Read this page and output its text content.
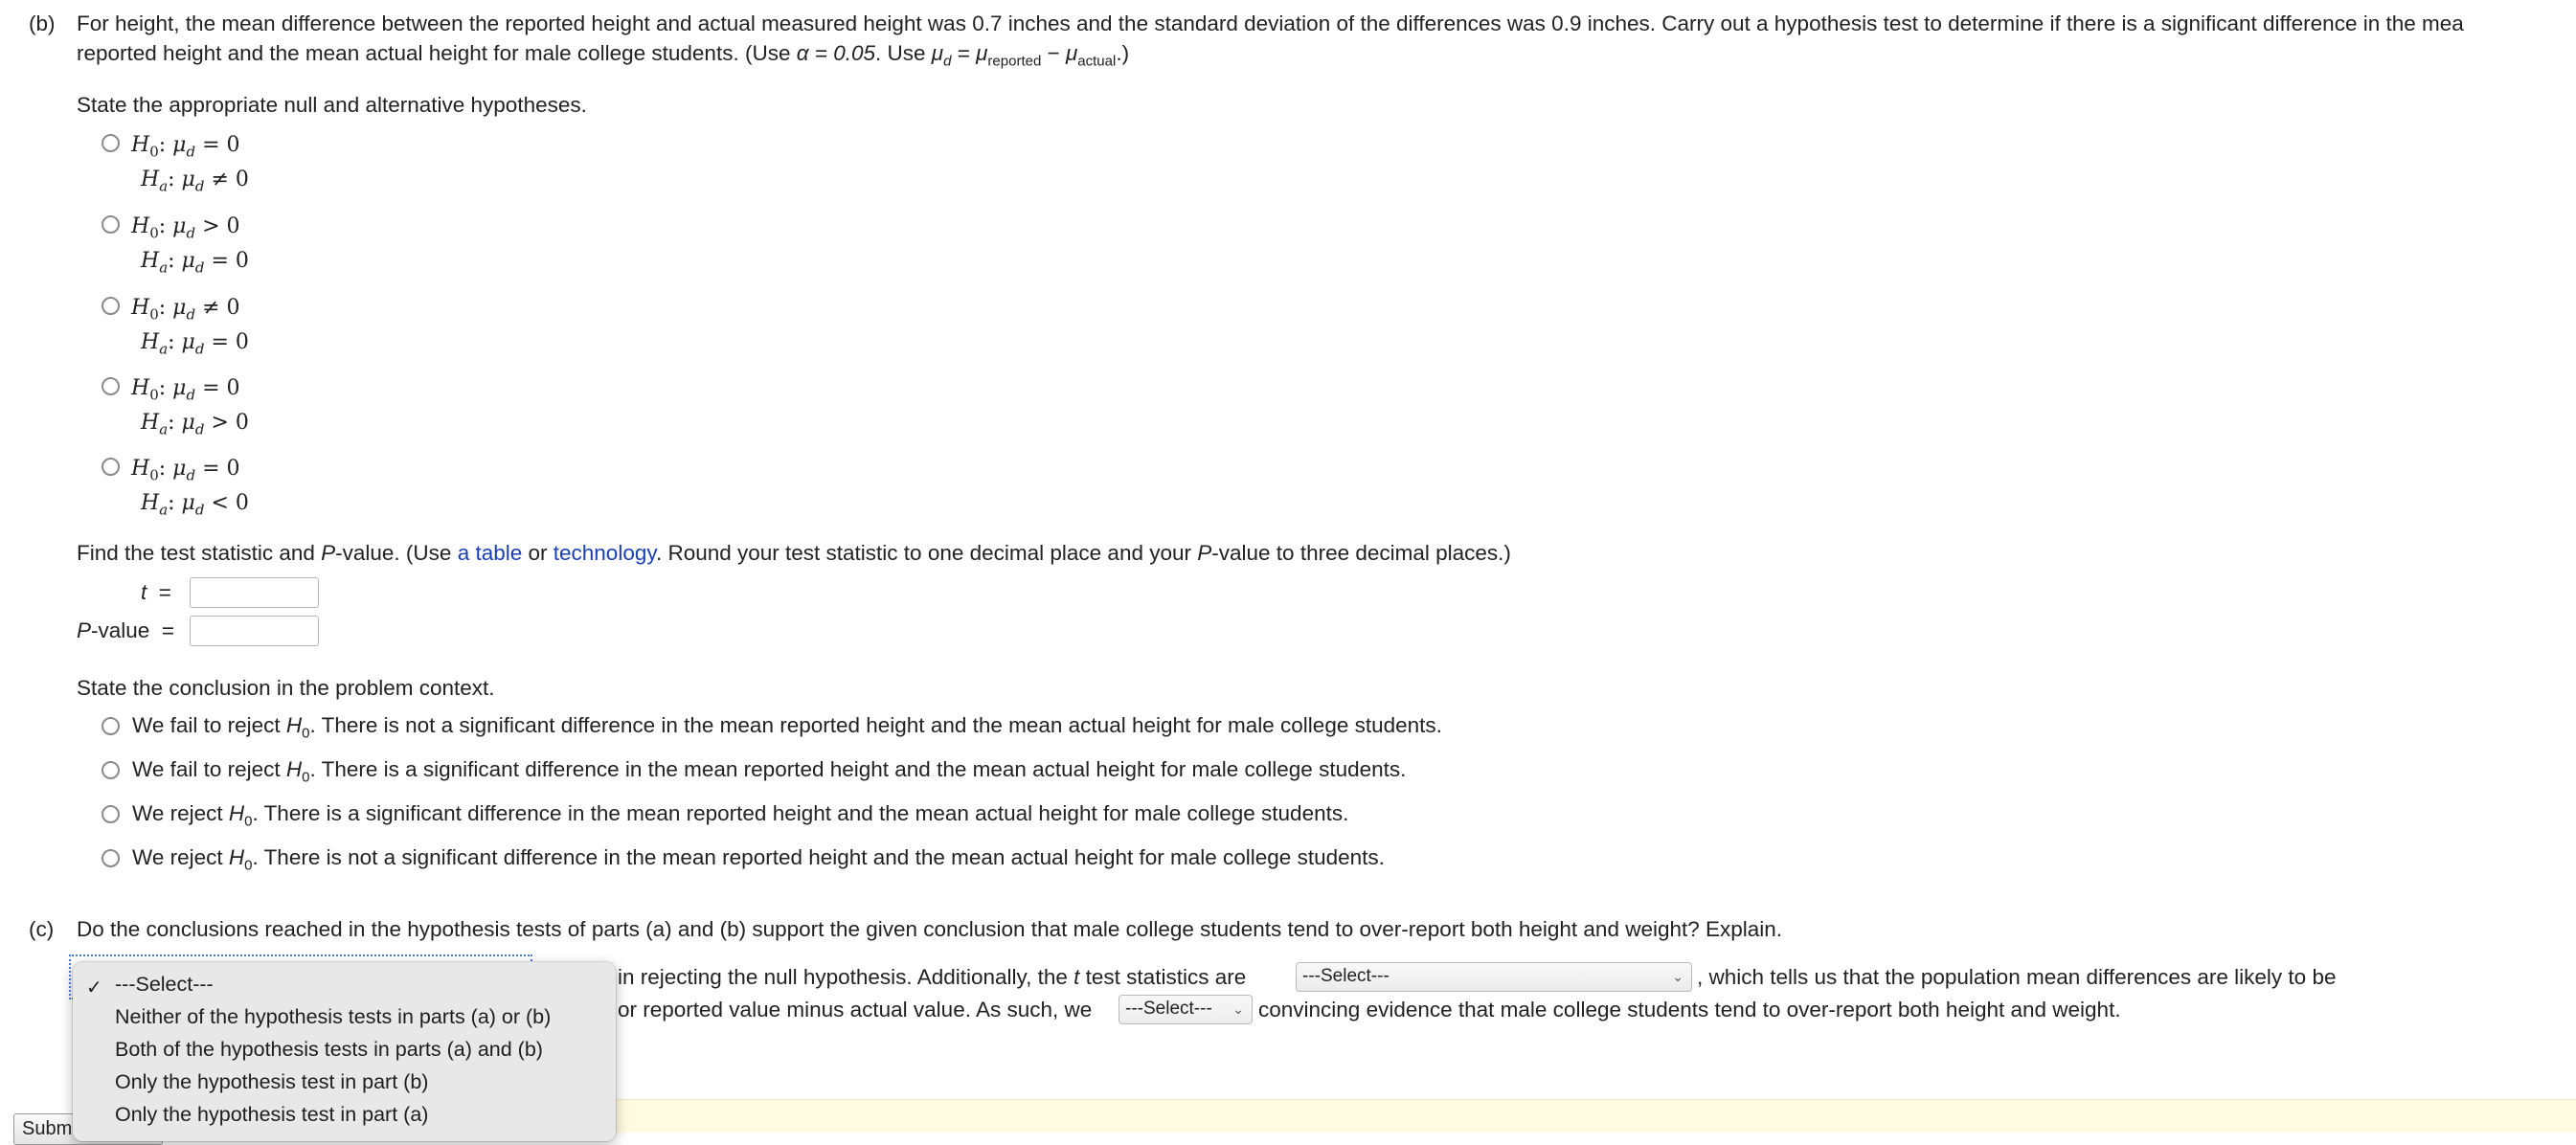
(b) For height, the mean difference between the reported height and actual measured height was 0.7 inches and the standard deviation of the differences was 0.9 inches. Carry out a hypothesis test to determine if there is a significant difference in the mea
reported height and the mean actual height for male college students. (Use α = 0.05. Use $\mu_d = \mu_{reported} - \mu_{actual}$.)
State the appropriate null and alternative hypotheses.
$H_0$: $\mu_d = 0$
$H_a$: $\mu_d \ne 0$
$H_0$: $\mu_d > 0$
$H_a$: $\mu_d = 0$
$H_0$: $\mu_d \ne 0$
$H_a$: $\mu_d = 0$
$H_0$: $\mu_d = 0$
$H_a$: $\mu_d > 0$
$H_0$: $\mu_d = 0$
$H_a$: $\mu_d < 0$
Find the test statistic and P-value. (Use a table or technology. Round your test statistic to one decimal place and your P-value to three decimal places.)
t =
P-value =
State the conclusion in the problem context.
We fail to reject $H_0$. There is not a significant difference in the mean reported height and the mean actual height for male college students.
We fail to reject $H_0$. There is a significant difference in the mean reported height and the mean actual height for male college students.
We reject $H_0$. There is a significant difference in the mean reported height and the mean actual height for male college students.
We reject $H_0$. There is not a significant difference in the mean reported height and the mean actual height for male college students.
(c) Do the conclusions reached in the hypothesis tests of parts (a) and (b) support the given conclusion that male college students tend to over-report both height and weight? Explain.
in rejecting the null hypothesis. Additionally, the t test statistics are	---Select---	⌄ , which tells us that the population mean differences are likely to be
or reported value minus actual value. As such, we	---Select--- ⌄ convincing evidence that male college students tend to over-report both height and weight.
Subm
✓ ---Select---
Neither of the hypothesis tests in parts (a) or (b)
Both of the hypothesis tests in parts (a) and (b)
Only the hypothesis test in part (b)
Only the hypothesis test in part (a)
